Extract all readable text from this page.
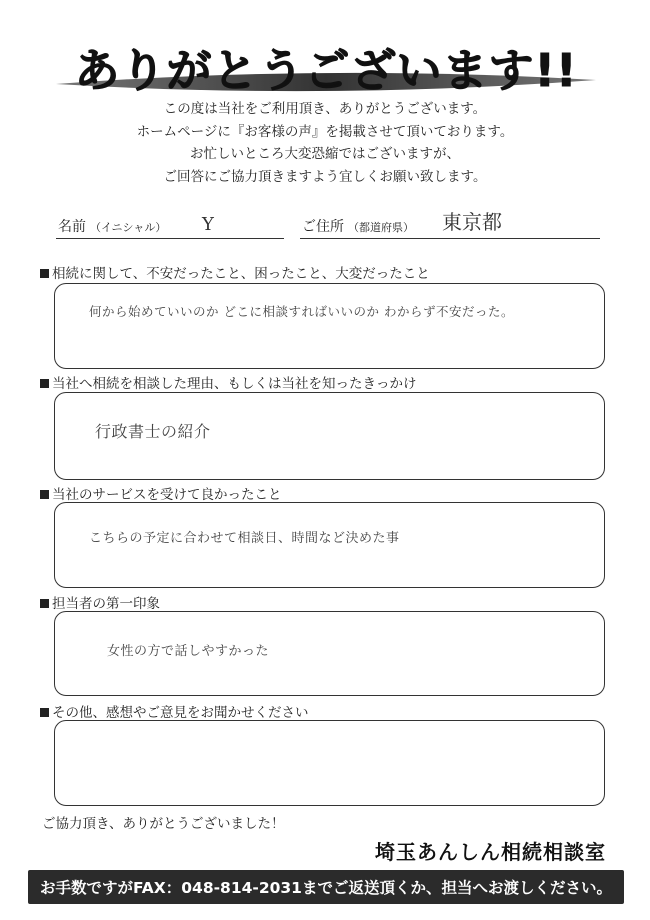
ありがとうございます!!
この度は当社をご利用頂き、ありがとうございます。
ホームページに『お客様の声』を掲載させて頂いております。
お忙しいところ大変恐縮ではございますが、
ご回答にご協力頂きますよう宜しくお願い致します。
名前 （イニシャル） Y	ご住所 （都道府県） 東京都
相続に関して、不安だったこと、困ったこと、大変だったこと
何から始めていいのか どこに相談すればいいのか わからず不安だった。
当社へ相続を相談した理由、もしくは当社を知ったきっかけ
行政書士の紹介
当社のサービスを受けて良かったこと
こちらの予定に合わせて相談日、時間など決めた事
担当者の第一印象
女性の方で話しやすかった
その他、感想やご意見をお聞かせください
ご協力頂き、ありがとうございました！
埼玉あんしん相続相談室
お手数ですがFAX：048-814-2031までご返送頂くか、担当へお渡しください。
